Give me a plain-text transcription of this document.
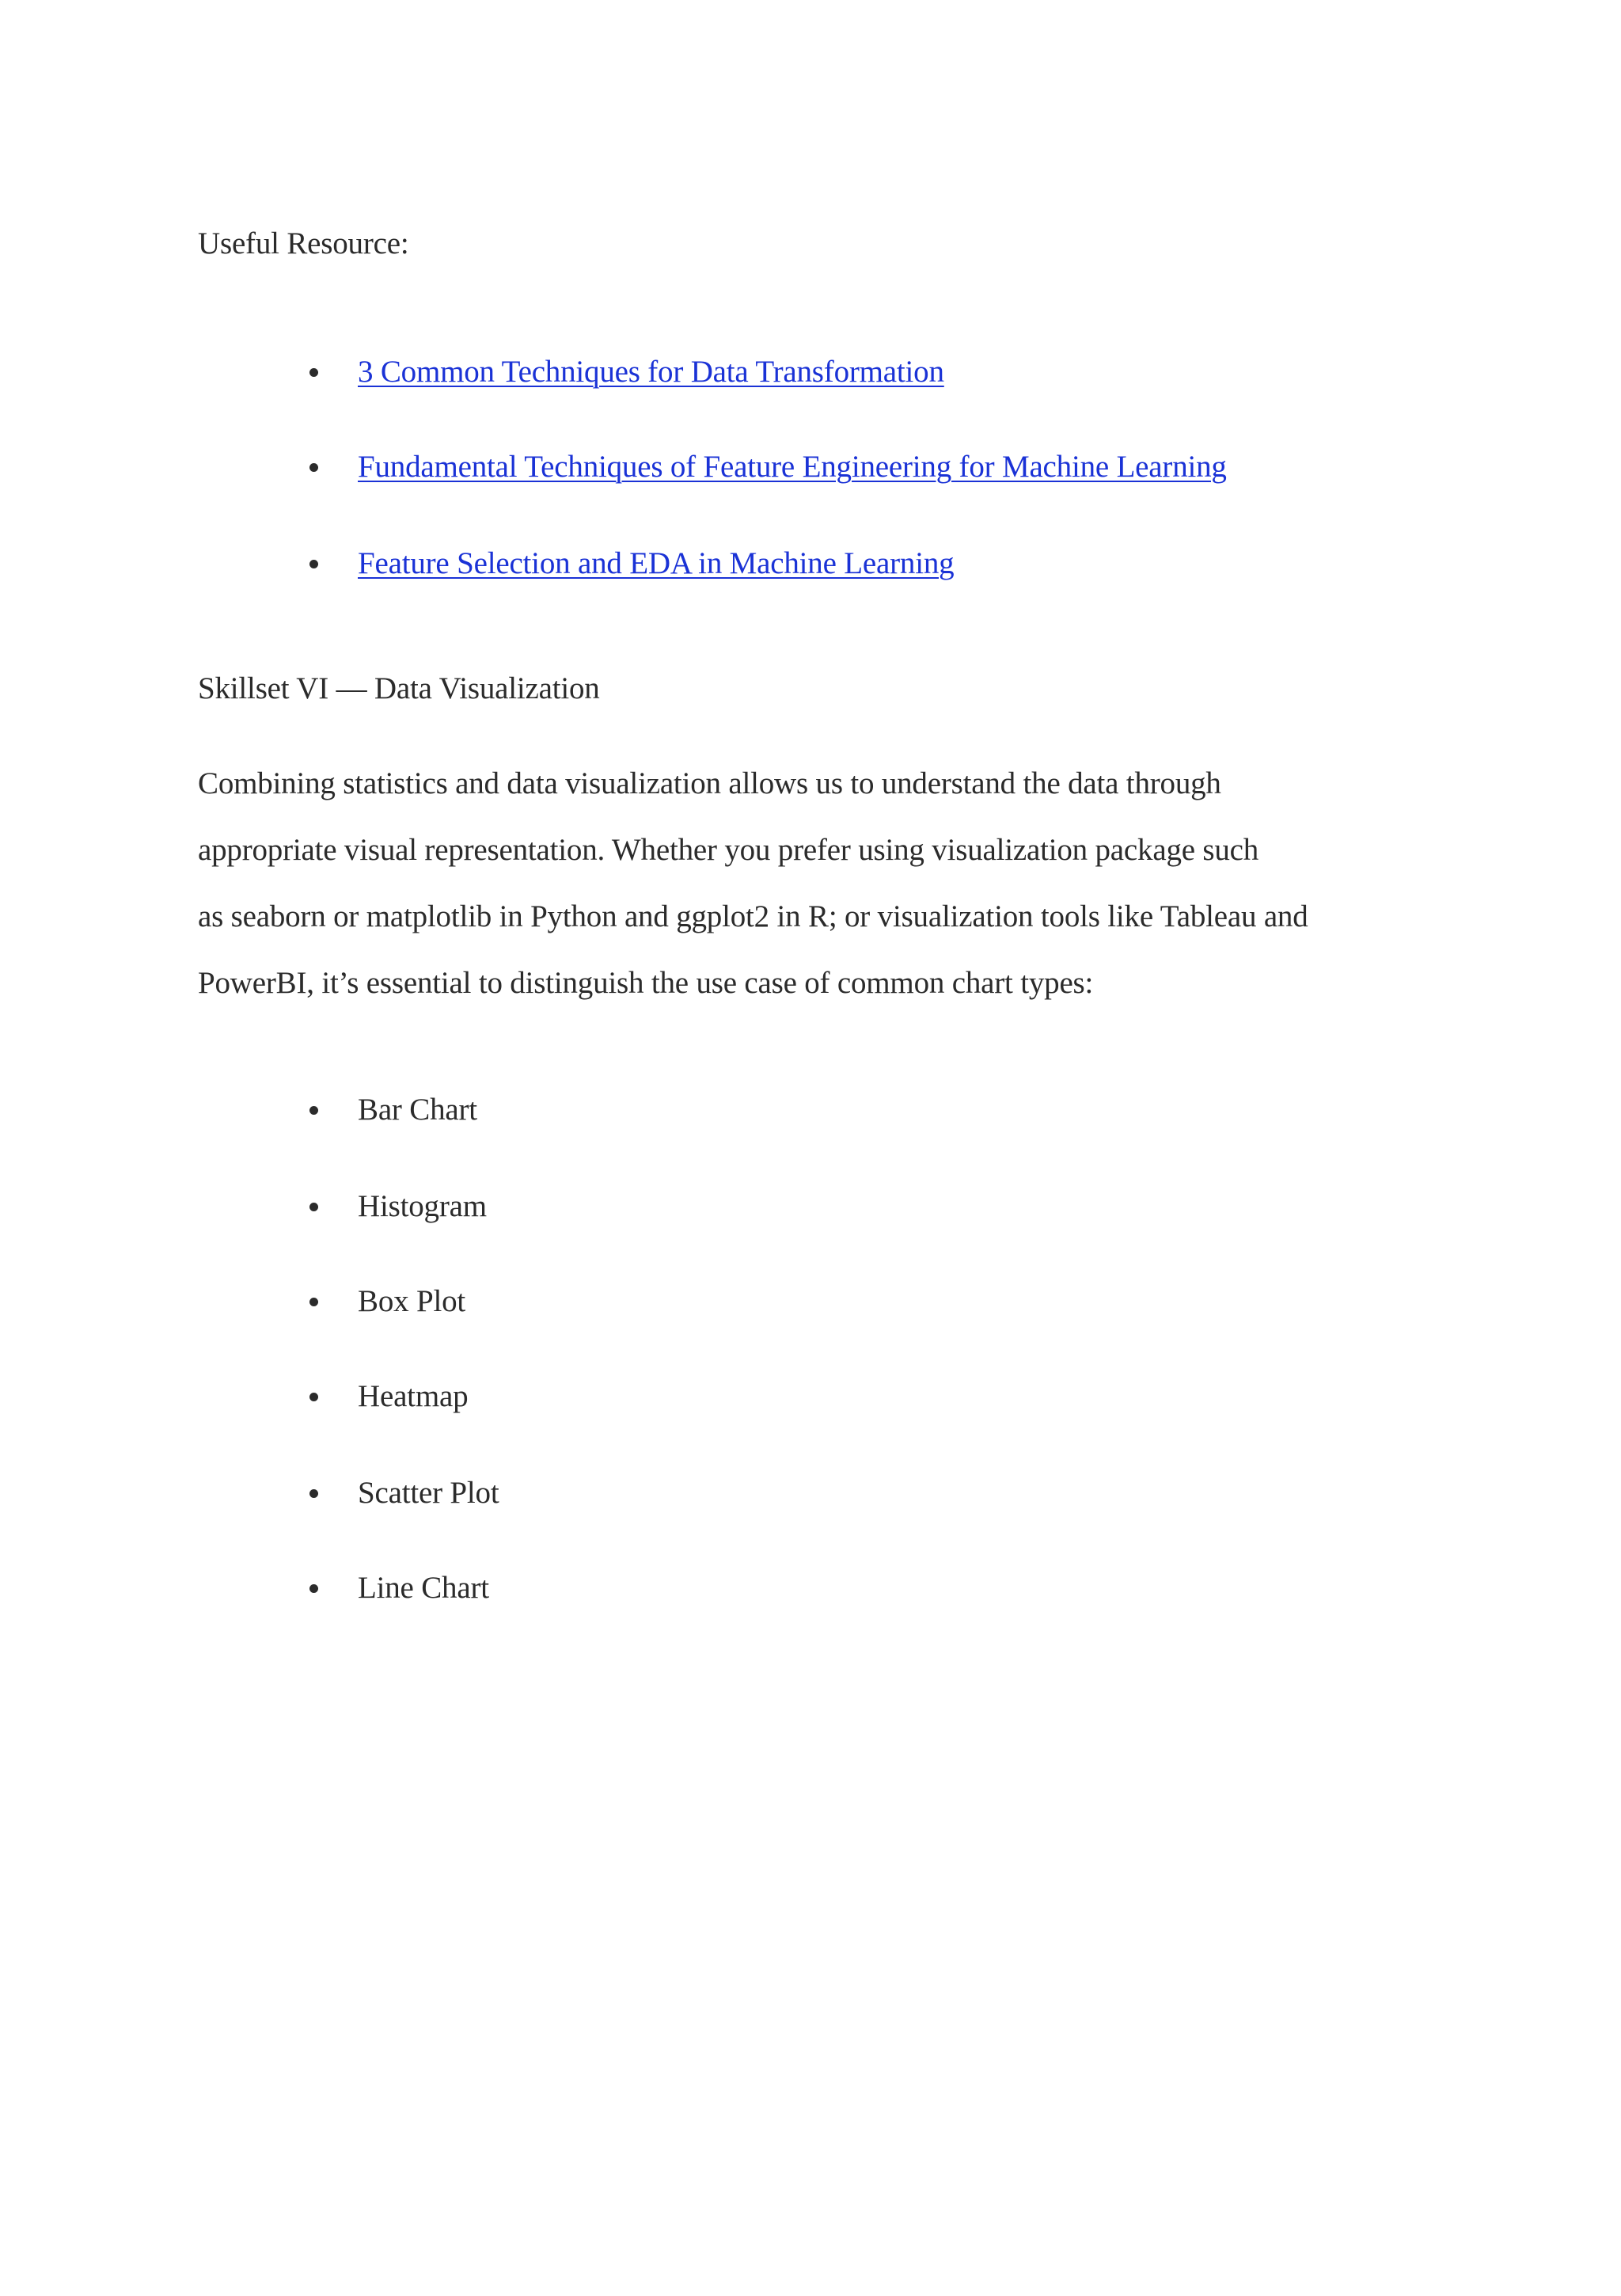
Useful Resource:
3 Common Techniques for Data Transformation
Fundamental Techniques of Feature Engineering for Machine Learning
Feature Selection and EDA in Machine Learning
Skillset VI — Data Visualization
Combining statistics and data visualization allows us to understand the data through
appropriate visual representation. Whether you prefer using visualization package such
as seaborn or matplotlib in Python and ggplot2 in R; or visualization tools like Tableau and
PowerBI, it’s essential to distinguish the use case of common chart types:
Bar Chart
Histogram
Box Plot
Heatmap
Scatter Plot
Line Chart
